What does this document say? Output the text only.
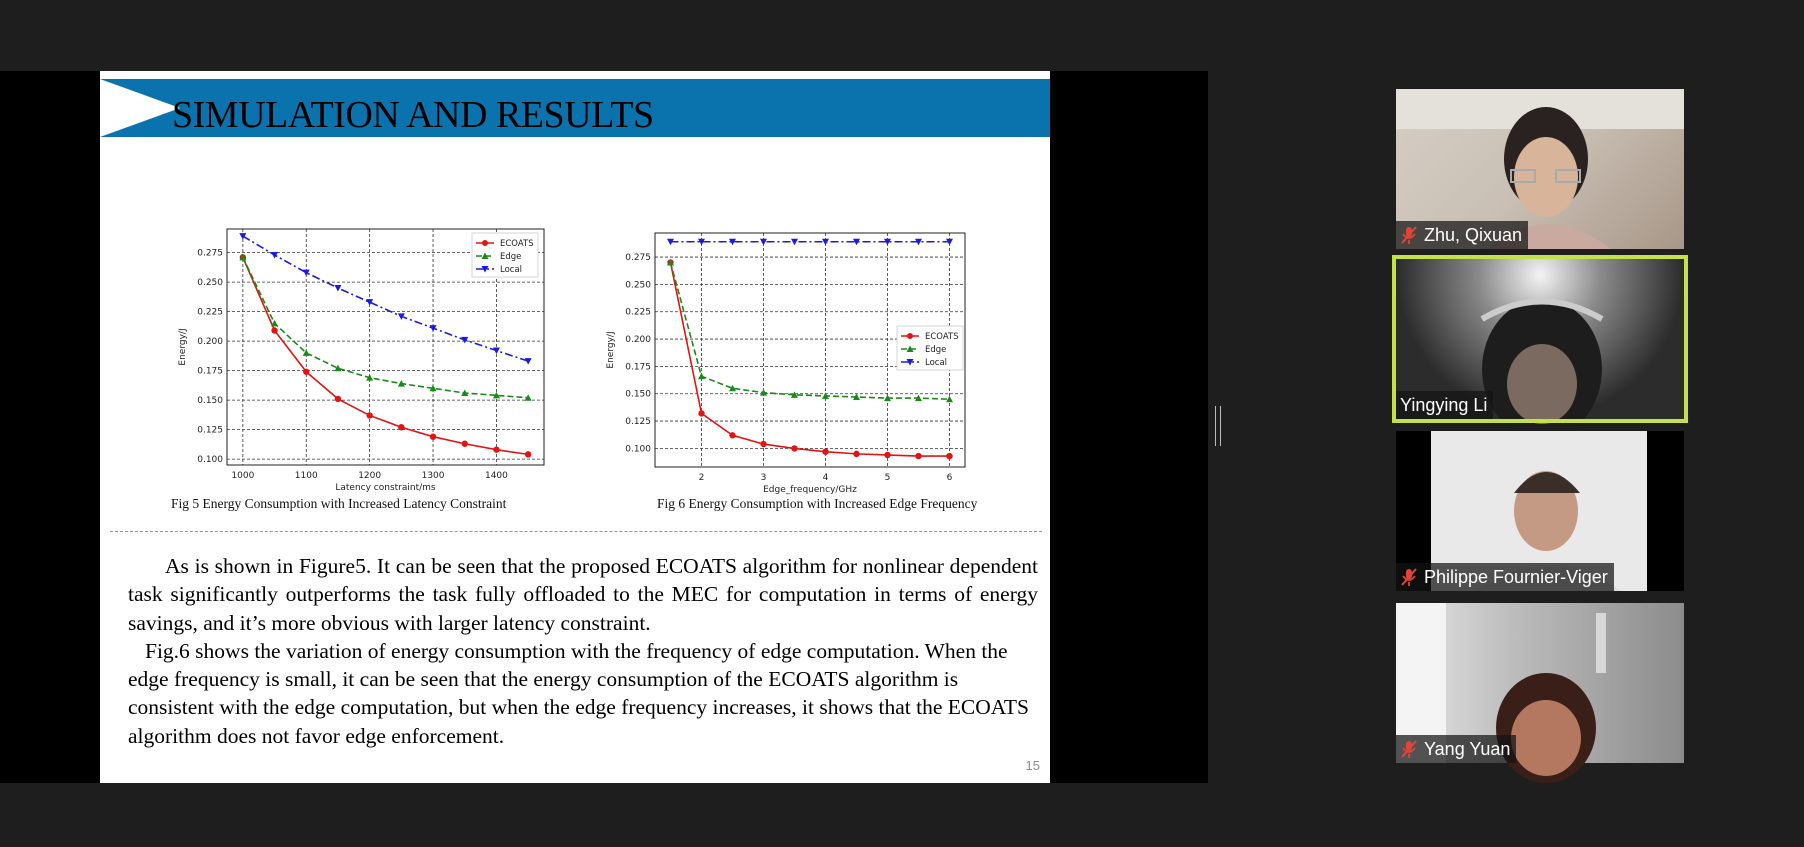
SIMULATION AND RESULTS
1000	1100	1200	1300	1400
0.100
0.125
0.150
0.175
0.200
0.225
0.250
0.275
Latency constraint/ms
Energy/J
ECOATS
Edge
Local
2	3	4	5	6
0.100
0.125
0.150
0.175
0.200
0.225
0.250
0.275
Edge_frequency/GHz
Energy/J	ECOATS
Edge
Local
Fig 5 Energy Consumption with Increased Latency Constraint	Fig 6 Energy Consumption with Increased Edge Frequency

As is shown in Figure5. It can be seen that the proposed ECOATS algorithm for nonlinear dependent task significantly outperforms the task fully offloaded to the MEC for computation in terms of energy savings, and it’s more obvious with larger latency constraint.

Fig.6 shows the variation of energy consumption with the frequency of edge computation. When the edge frequency is small, it can be seen that the energy consumption of the ECOATS algorithm is consistent with the edge computation, but when the edge frequency increases, it shows that the ECOATS algorithm does not favor edge enforcement.

15
Zhu, Qixuan
Yingying Li
Philippe Fournier-Viger
Yang Yuan
